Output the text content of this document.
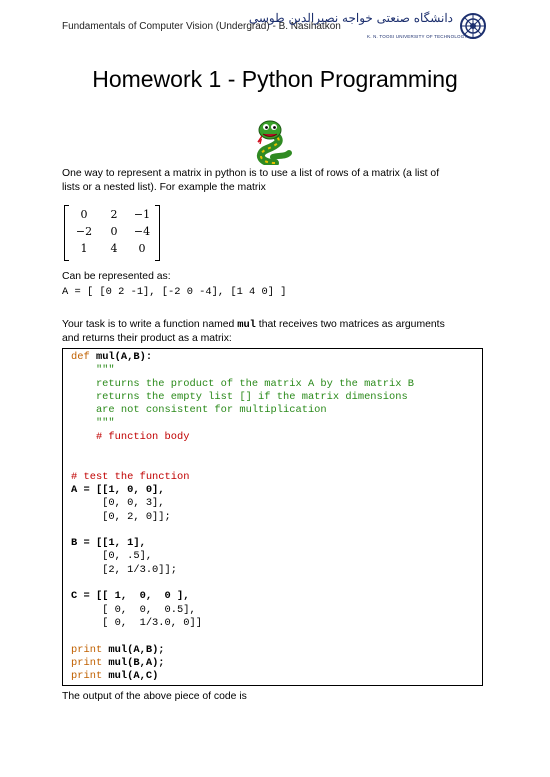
Fundamentals of Computer Vision (Undergrad) - B. Nasihatkon
دانشگاه صنعتی خواجه نصیرالدین طوسی
K. N. TOOSI UNIVERSITY OF TECHNOLOGY
Homework 1 - Python Programming
One way to represent a matrix in python is to use a list of rows of a matrix (a list of
lists or a nested list). For example the matrix
0	2	−1
−2	0	−4
1	4	0
Can be represented as:
A = [ [0 2 -1], [-2 0 -4], [1 4 0] ]
Your task is to write a function named mul that receives two matrices as arguments
and returns their product as a matrix:
def mul(A,B):
"""
returns the product of the matrix A by the matrix B
returns the empty list [] if the matrix dimensions
are not consistent for multiplication
"""
# function body

# test the function
A = [[1, 0, 0],
[0, 0, 3],
[0, 2, 0]];

B = [[1, 1],
[0, .5],
[2, 1/3.0]];

C = [[ 1,  0,  0 ],
[ 0,  0,  0.5],
[ 0,  1/3.0, 0]]

print mul(A,B);
print mul(B,A);
print mul(A,C)
The output of the above piece of code is
